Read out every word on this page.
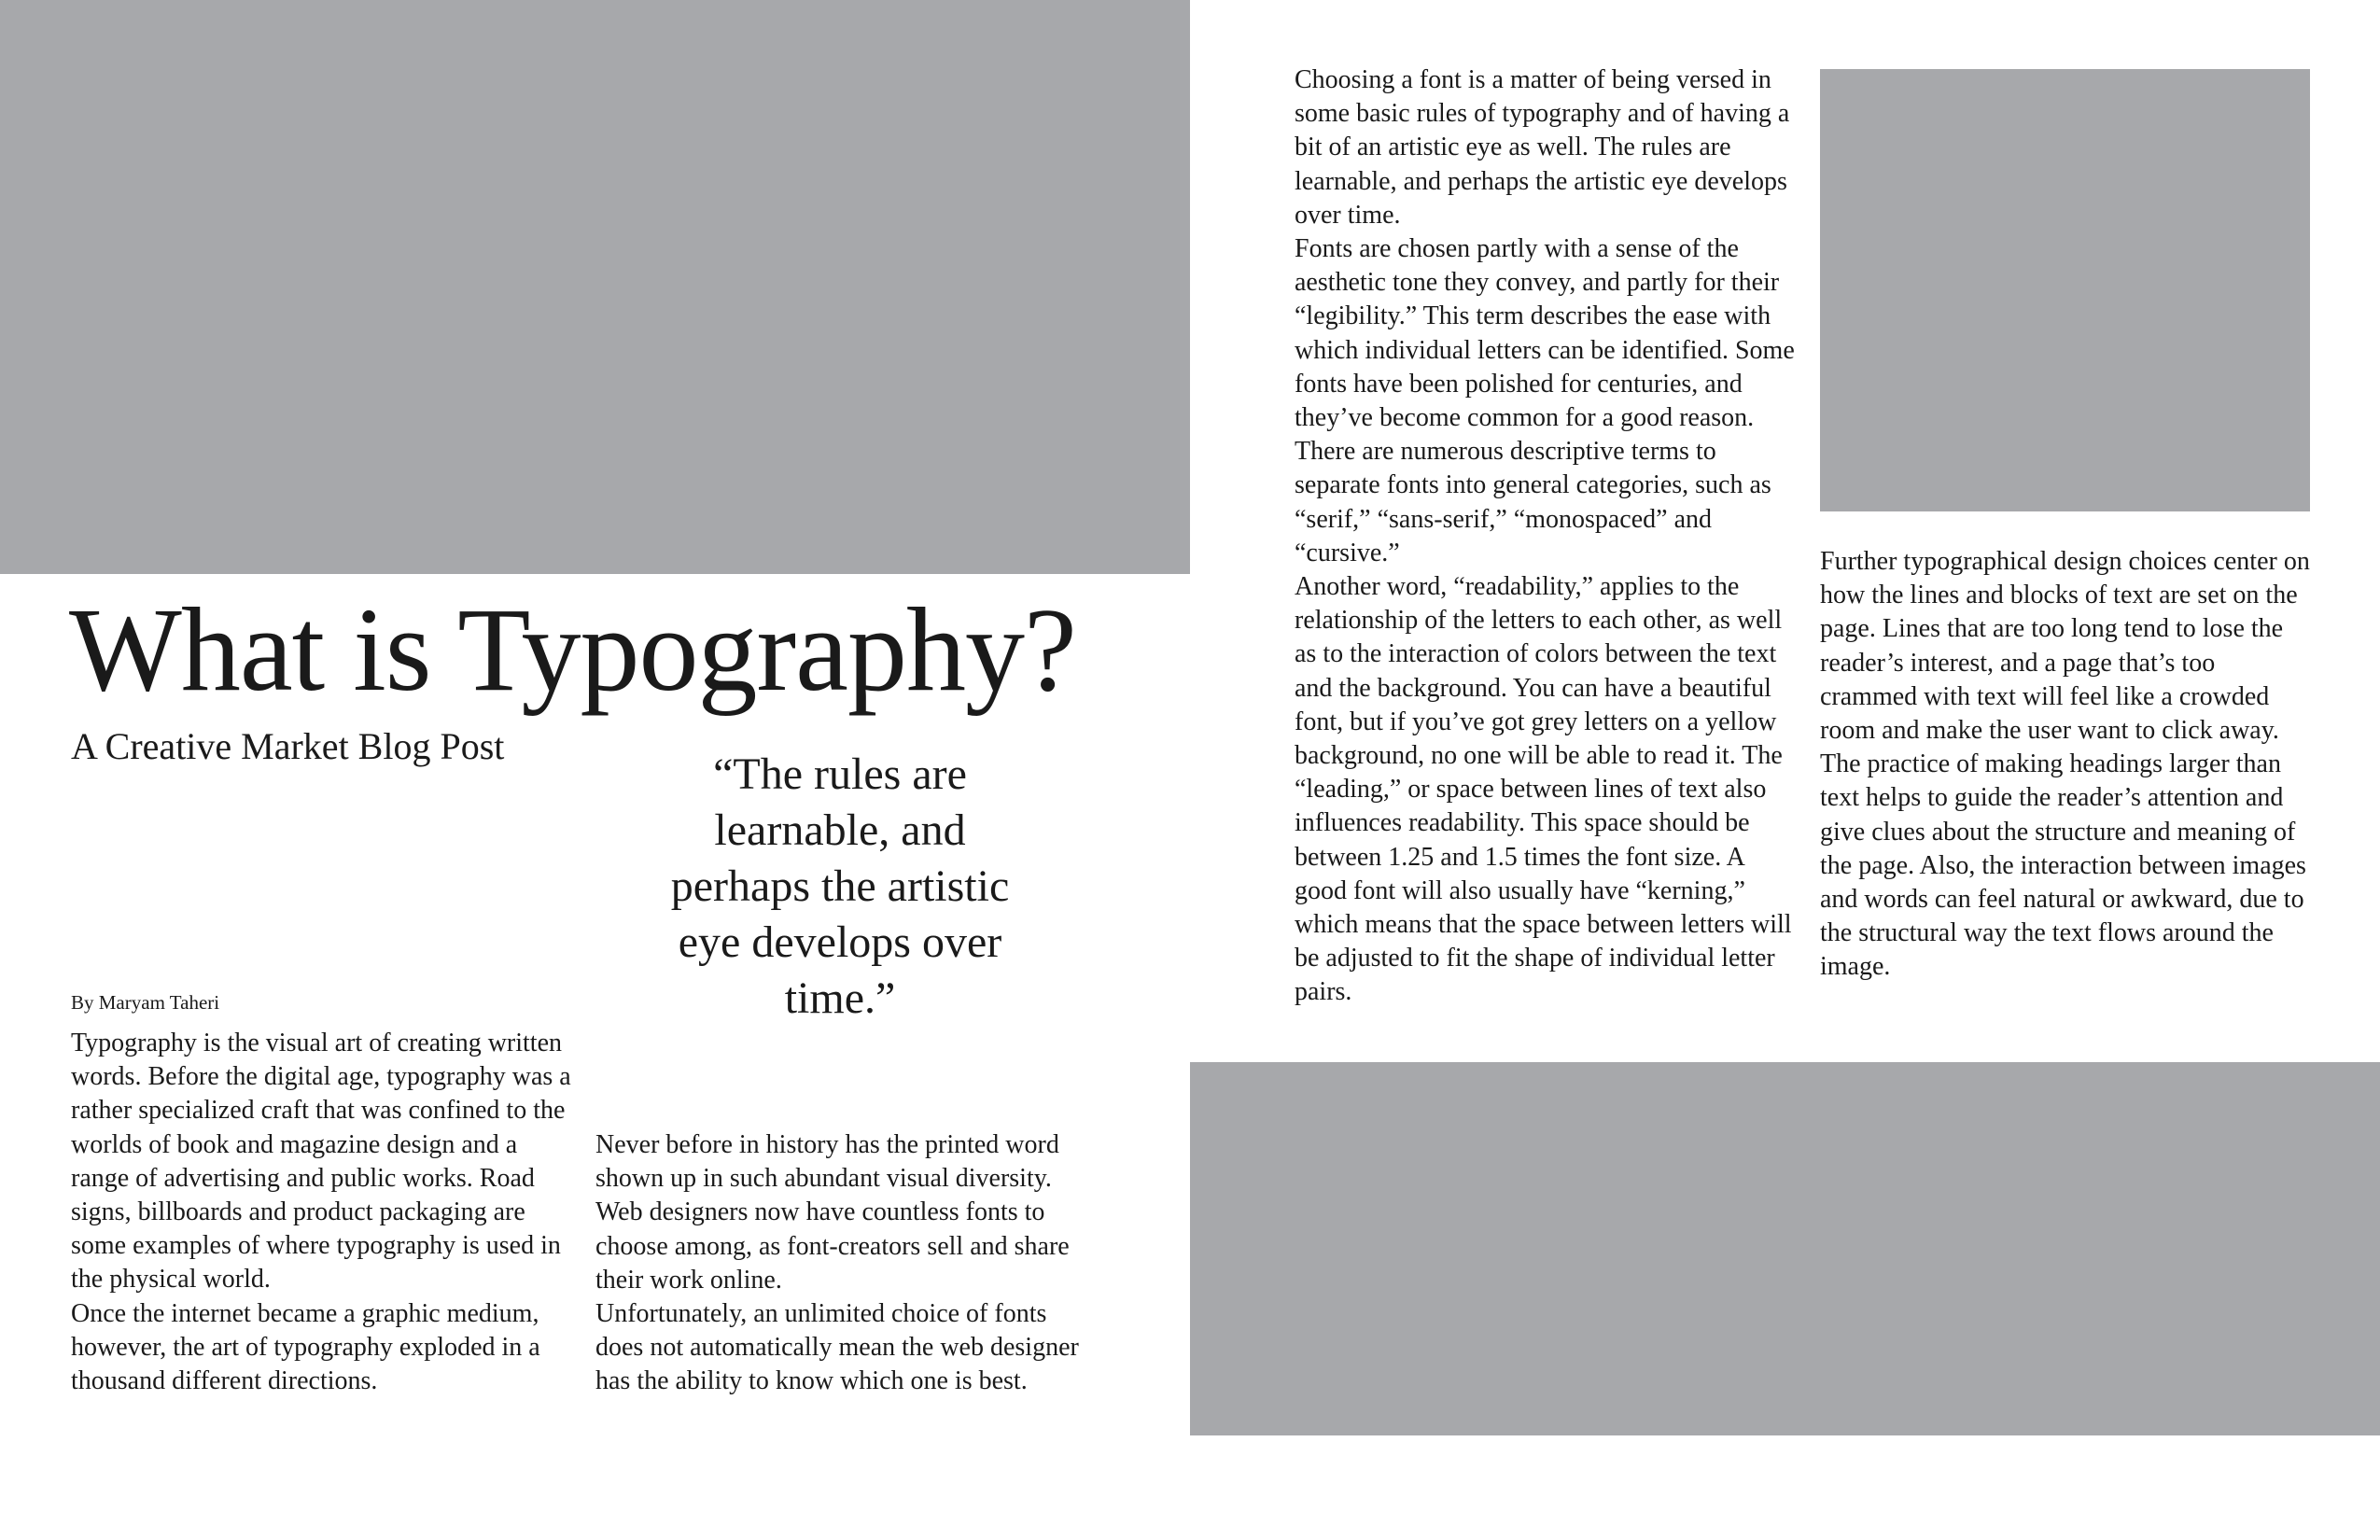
What is Typography?
A Creative Market Blog Post
By Maryam Taheri

Typography is the visual art of creating written words. Before the digital age, typography was a rather specialized craft that was confined to the worlds of book and magazine design and a range of advertising and public works. Road signs, billboards and product packaging are some examples of where typography is used in the physical world.

Once the internet became a graphic medium, however, the art of typography exploded in a thousand different directions.

“The rules are learnable, and perhaps the artistic eye develops over time.”

Never before in history has the printed word shown up in such abundant visual diversity. Web designers now have countless fonts to choose among, as font-creators sell and share their work online.

Unfortunately, an unlimited choice of fonts does not automatically mean the web designer has the ability to know which one is best.

Choosing a font is a matter of being versed in some basic rules of typography and of having a bit of an artistic eye as well. The rules are learnable, and perhaps the artistic eye develops over time.

Fonts are chosen partly with a sense of the aesthetic tone they convey, and partly for their “legibility.” This term describes the ease with which individual letters can be identified. Some fonts have been polished for centuries, and they’ve become common for a good reason. There are numerous descriptive terms to separate fonts into general categories, such as “serif,” “sans-serif,” “monospaced” and “cursive.”

Another word, “readability,” applies to the relationship of the letters to each other, as well as to the interaction of colors between the text and the background. You can have a beautiful font, but if you’ve got grey letters on a yellow background, no one will be able to read it. The “leading,” or space between lines of text also influences readability. This space should be between 1.25 and 1.5 times the font size. A good font will also usually have “kerning,” which means that the space between letters will be adjusted to fit the shape of individual letter pairs.

Further typographical design choices center on how the lines and blocks of text are set on the page. Lines that are too long tend to lose the reader’s interest, and a page that’s too crammed with text will feel like a crowded room and make the user want to click away. The practice of making headings larger than text helps to guide the reader’s attention and give clues about the structure and meaning of the page. Also, the interaction between images and words can feel natural or awkward, due to the structural way the text flows around the image.
